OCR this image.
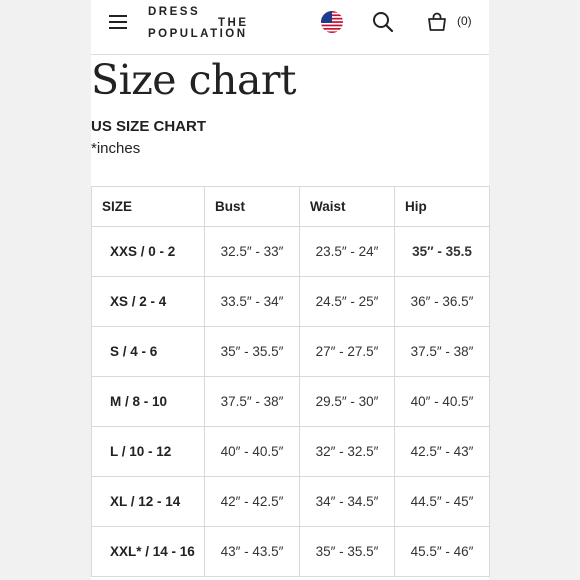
DRESS
THE
POPULATION
(0)
Size chart
US SIZE CHART
*inches
SIZE	Bust	Waist	Hip
XXS / 0 - 2	32.5″ - 33″	23.5″ - 24″	35″ - 35.5
XS / 2 - 4	33.5″ - 34″	24.5″ - 25″	36″ - 36.5″
S / 4 - 6	35″ - 35.5″	27″ - 27.5″	37.5″ - 38″
M / 8 - 10	37.5″ - 38″	29.5″ - 30″	40″ - 40.5″
L / 10 - 12	40″ - 40.5″	32″ - 32.5″	42.5″ - 43″
XL / 12 - 14	42″ - 42.5″	34″ - 34.5″	44.5″ - 45″
XXL* / 14 - 16	43″ - 43.5″	35″ - 35.5″	45.5″ - 46″
